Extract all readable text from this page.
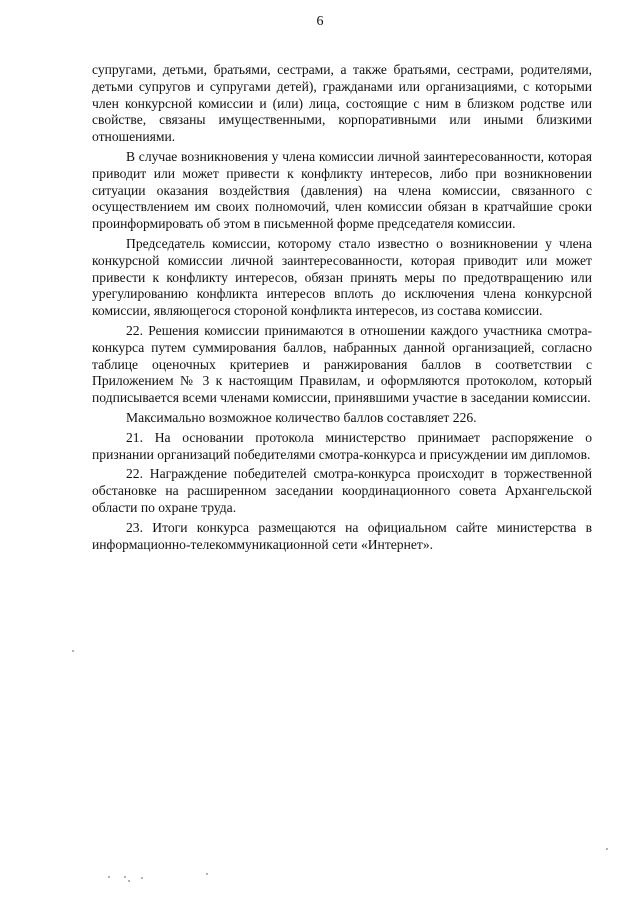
6

супругами, детьми, братьями, сестрами, а также братьями, сестрами, родителями, детьми супругов и супругами детей), гражданами или организациями, с которыми член конкурсной комиссии и (или) лица, состоящие с ним в близком родстве или свойстве, связаны имущественными, корпоративными или иными близкими отношениями.

В случае возникновения у члена комиссии личной заинтересованности, которая приводит или может привести к конфликту интересов, либо при возникновении ситуации оказания воздействия (давления) на члена комиссии, связанного с осуществлением им своих полномочий, член комиссии обязан в кратчайшие сроки проинформировать об этом в письменной форме председателя комиссии.

Председатель комиссии, которому стало известно о возникновении у члена конкурсной комиссии личной заинтересованности, которая приводит или может привести к конфликту интересов, обязан принять меры по предотвращению или урегулированию конфликта интересов вплоть до исключения члена конкурсной комиссии, являющегося стороной конфликта интересов, из состава комиссии.

22. Решения комиссии принимаются в отношении каждого участника смотра-конкурса путем суммирования баллов, набранных данной организацией, согласно таблице оценочных критериев и ранжирования баллов в соответствии с Приложением № 3 к настоящим Правилам, и оформляются протоколом, который подписывается всеми членами комиссии, принявшими участие в заседании комиссии.

Максимально возможное количество баллов составляет 226.

21. На основании протокола министерство принимает распоряжение о признании организаций победителями смотра-конкурса и присуждении им дипломов.

22. Награждение победителей смотра-конкурса происходит в торжественной обстановке на расширенном заседании координационного совета Архангельской области по охране труда.

23. Итоги конкурса размещаются на официальном сайте министерства в информационно-телекоммуникационной сети «Интернет».
